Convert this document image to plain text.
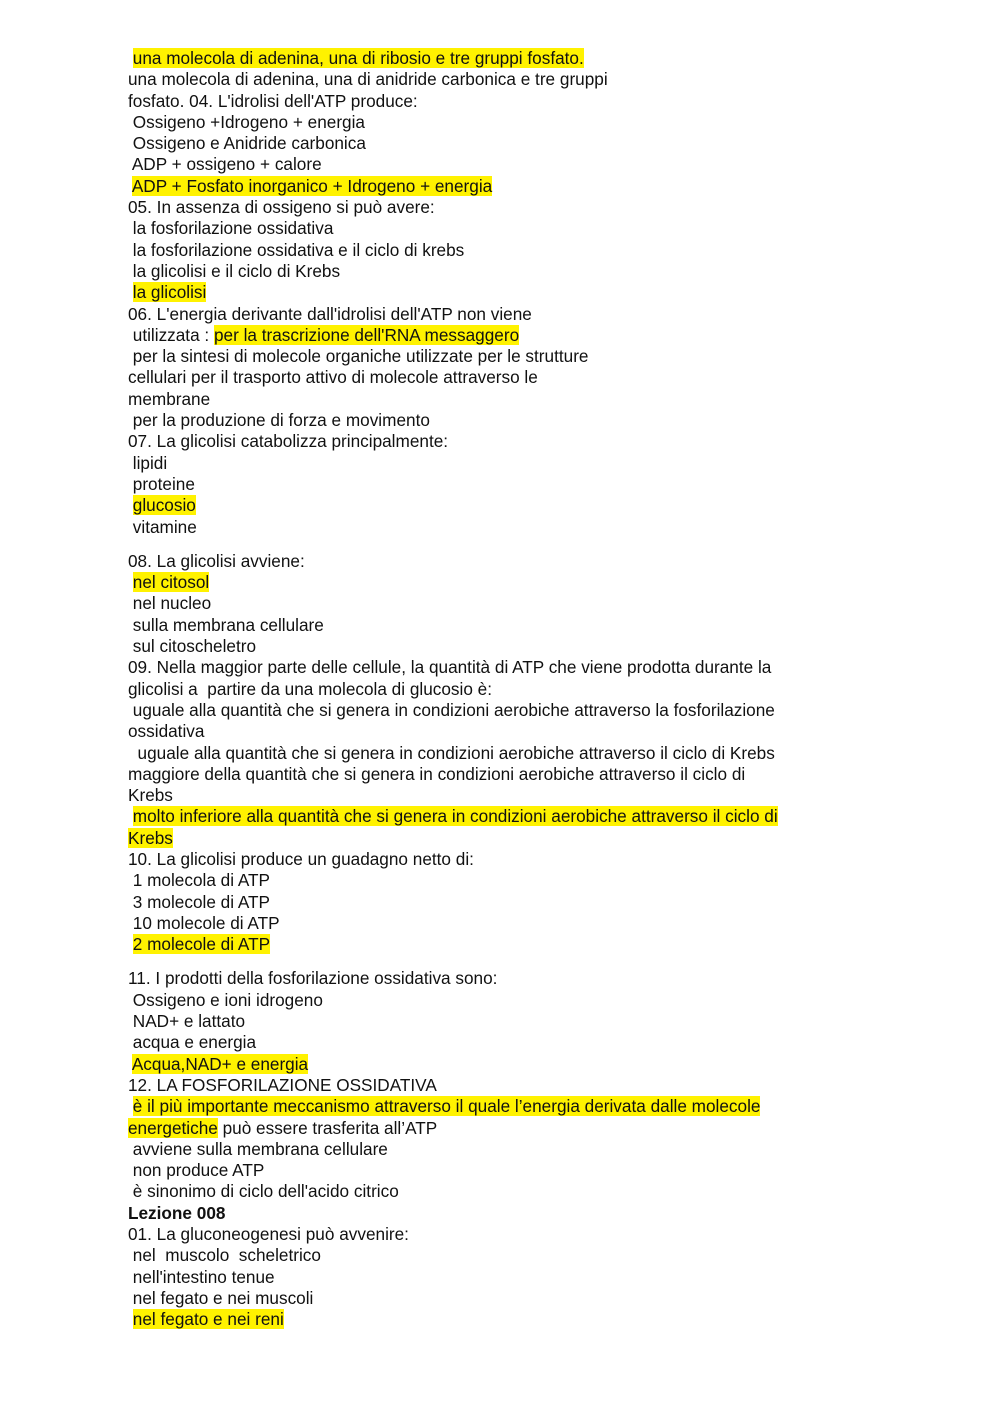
una molecola di adenina, una di ribosio e tre gruppi fosfato.
una molecola di adenina, una di anidride carbonica e tre gruppi
fosfato. 04. L'idrolisi dell'ATP produce:
Ossigeno +Idrogeno + energia
Ossigeno e Anidride carbonica
ADP + ossigeno + calore
ADP + Fosfato inorganico + Idrogeno + energia
05. In assenza di ossigeno si può avere:
la fosforilazione ossidativa
la fosforilazione ossidativa e il ciclo di krebs
la glicolisi e il ciclo di Krebs
la glicolisi
06. L'energia derivante dall'idrolisi dell'ATP non viene
utilizzata : per la trascrizione dell'RNA messaggero
per la sintesi di molecole organiche utilizzate per le strutture
cellulari per il trasporto attivo di molecole attraverso le
membrane
per la produzione di forza e movimento
07. La glicolisi catabolizza principalmente:
lipidi
proteine
glucosio
vitamine
08. La glicolisi avviene:
nel citosol
nel nucleo
sulla membrana cellulare
sul citoscheletro
09. Nella maggior parte delle cellule, la quantità di ATP che viene prodotta durante la
glicolisi a  partire da una molecola di glucosio è:
uguale alla quantità che si genera in condizioni aerobiche attraverso la fosforilazione
ossidativa
uguale alla quantità che si genera in condizioni aerobiche attraverso il ciclo di Krebs
maggiore della quantità che si genera in condizioni aerobiche attraverso il ciclo di
Krebs
molto inferiore alla quantità che si genera in condizioni aerobiche attraverso il ciclo di
Krebs
10. La glicolisi produce un guadagno netto di:
1 molecola di ATP
3 molecole di ATP
10 molecole di ATP
2 molecole di ATP
11. I prodotti della fosforilazione ossidativa sono:
Ossigeno e ioni idrogeno
NAD+ e lattato
acqua e energia
Acqua,NAD+ e energia
12. LA FOSFORILAZIONE OSSIDATIVA
è il più importante meccanismo attraverso il quale l’energia derivata dalle molecole
energetiche può essere trasferita all’ATP
avviene sulla membrana cellulare
non produce ATP
è sinonimo di ciclo dell'acido citrico
Lezione 008
01. La gluconeogenesi può avvenire:
nel  muscolo  scheletrico
nell'intestino tenue
nel fegato e nei muscoli
nel fegato e nei reni
